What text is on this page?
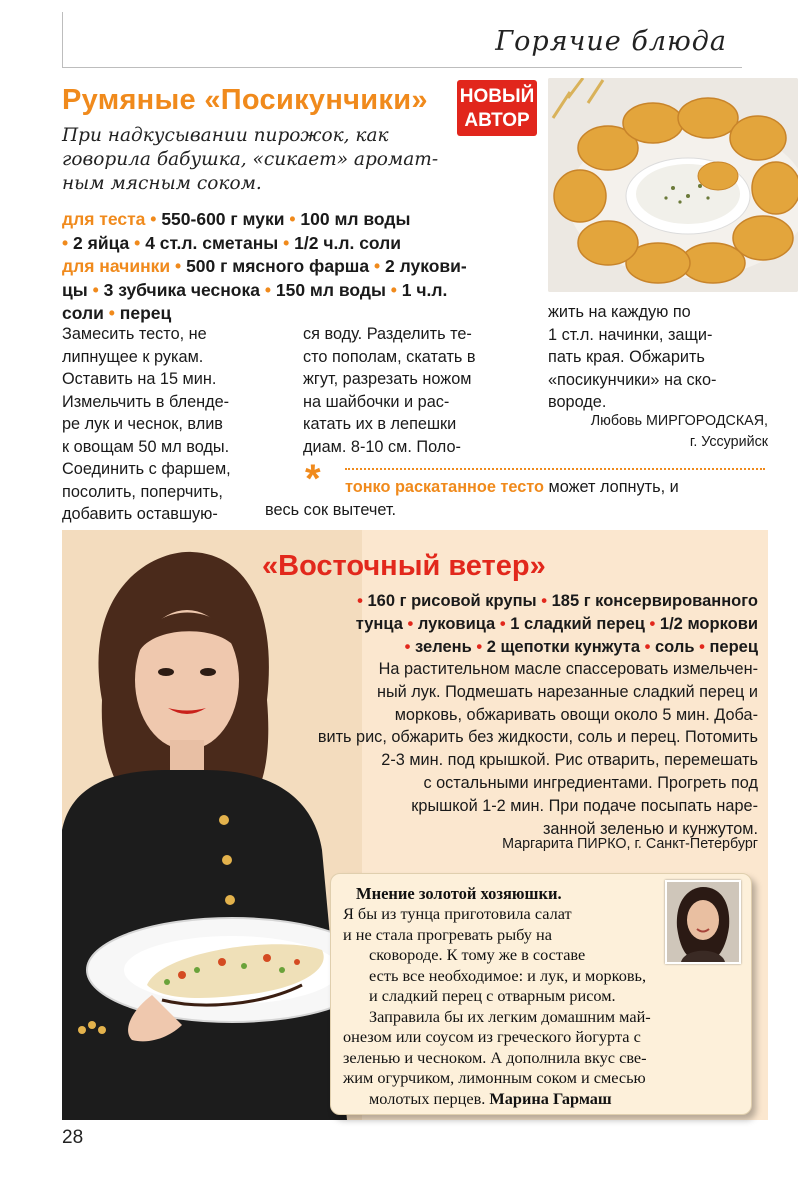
Горячие блюда
Румяные «Посикунчики» НОВЫЙ
АВТОР
При надкусывании пирожок, как
говорила бабушка, «сикает» аромат-
ным мясным соком.
для теста • 550-600 г муки • 100 мл воды
• 2 яйца • 4 ст.л. сметаны • 1/2 ч.л. соли
для начинки • 500 г мясного фарша • 2 лукови-
цы • 3 зубчика чеснока • 150 мл воды • 1 ч.л.
соли • перец
Замесить тесто, не
липнущее к рукам.
Оставить на 15 мин.
Измельчить в бленде-
ре лук и чеснок, влив
к овощам 50 мл воды.
Соединить с фаршем,
посолить, поперчить,
добавить оставшую-
ся воду. Разделить те-
сто пополам, скатать в
жгут, разрезать ножом
на шайбочки и рас-
катать их в лепешки
диам. 8-10 см. Поло-
жить на каждую по
1 ст.л. начинки, защи-
пать края. Обжарить
«посикунчики» на ско-
вороде.
Любовь МИРГОРОДСКАЯ,
г. Уссурийск
*	тонко раскатанное тесто может лопнуть, и
весь сок вытечет.
«Восточный ветер»
• 160 г рисовой крупы • 185 г консервированного
тунца • луковица • 1 сладкий перец • 1/2 моркови
• зелень • 2 щепотки кунжута • соль • перец
На растительном масле спассеровать измельчен-
ный лук. Подмешать нарезанные сладкий перец и
морковь, обжаривать овощи около 5 мин. Доба-
вить рис, обжарить без жидкости, соль и перец. Потомить
2-3 мин. под крышкой. Рис отварить, перемешать
с остальными ингредиентами. Прогреть под
крышкой 1-2 мин. При подаче посыпать наре-
занной зеленью и кунжутом.
Маргарита ПИРКО, г. Санкт-Петербург
Мнение золотой хозяюшки.
Я бы из тунца приготовила салат
и не стала прогревать рыбу на
сковороде. К тому же в составе
есть все необходимое: и лук, и морковь,
и сладкий перец с отварным рисом.
Заправила бы их легким домашним май-
онезом или соусом из греческого йогурта с
зеленью и чесноком. А дополнила вкус све-
жим огурчиком, лимонным соком и смесью
молотых перцев. Марина Гармаш
28
